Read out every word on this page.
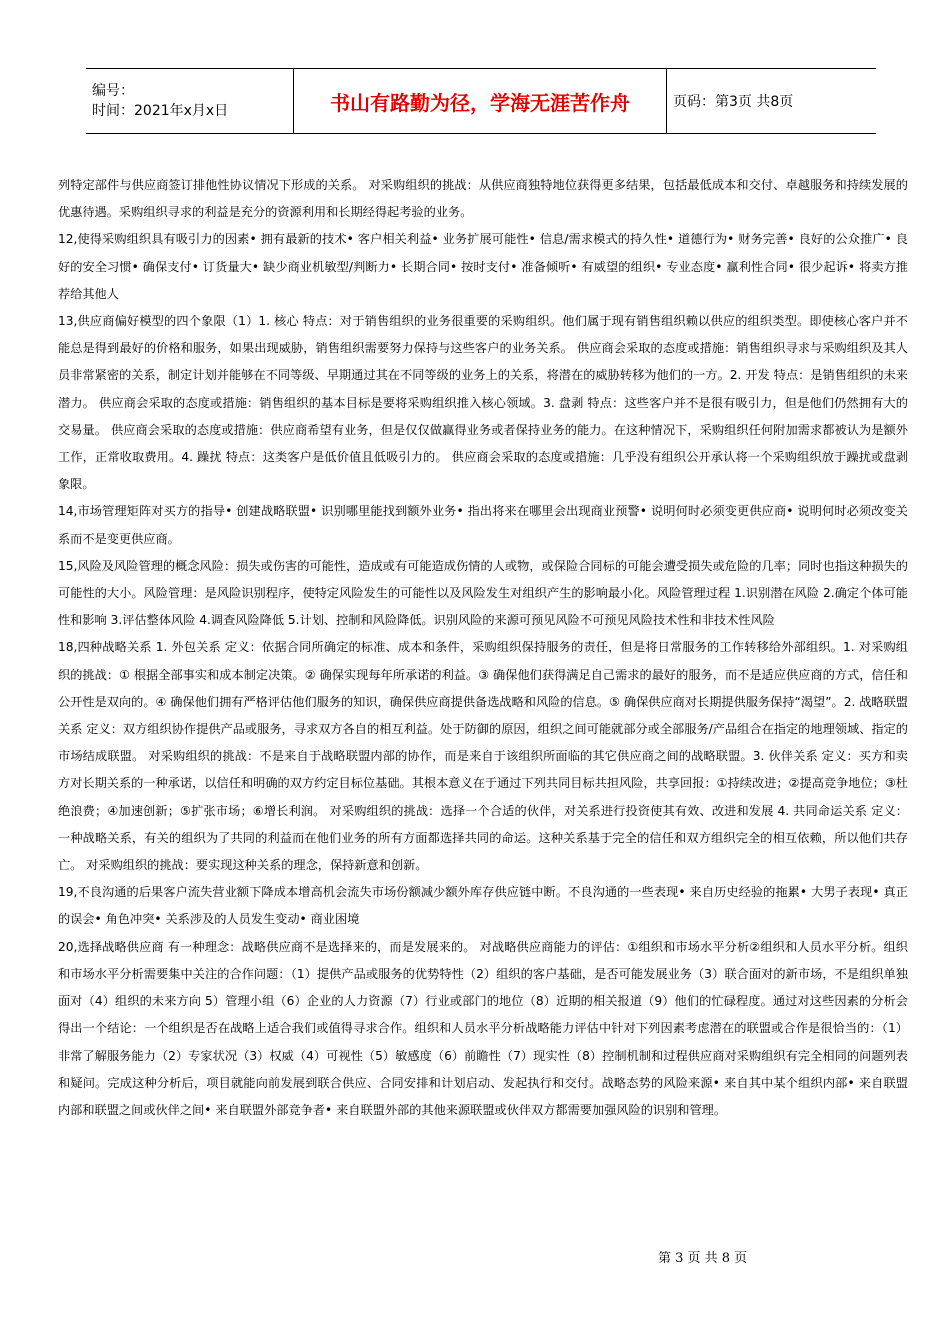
编号：
时间：2021年x月x日	书山有路勤为径，学海无涯苦作舟	页码：第3页 共8页

列特定部件与供应商签订排他性协议情况下形成的关系。 对采购组织的挑战：从供应商独特地位获得更多结果，包括最低成本和交付、卓越服务和持续发展的优惠待遇。采购组织寻求的利益是充分的资源利用和长期经得起考验的业务。

12,使得采购组织具有吸引力的因素• 拥有最新的技术• 客户相关利益• 业务扩展可能性• 信息/需求模式的持久性• 道德行为• 财务完善• 良好的公众推广• 良好的安全习惯• 确保支付• 订货量大• 缺少商业机敏型/判断力• 长期合同• 按时支付• 准备倾听• 有威望的组织• 专业态度• 赢利性合同• 很少起诉• 将卖方推荐给其他人

13,供应商偏好模型的四个象限（1）1. 核心 特点：对于销售组织的业务很重要的采购组织。他们属于现有销售组织赖以供应的组织类型。即使核心客户并不能总是得到最好的价格和服务，如果出现威胁，销售组织需要努力保持与这些客户的业务关系。 供应商会采取的态度或措施：销售组织寻求与采购组织及其人员非常紧密的关系，制定计划并能够在不同等级、早期通过其在不同等级的业务上的关系，将潜在的威胁转移为他们的一方。2. 开发 特点：是销售组织的未来潜力。 供应商会采取的态度或措施：销售组织的基本目标是要将采购组织推入核心领域。3. 盘剥 特点：这些客户并不是很有吸引力，但是他们仍然拥有大的交易量。 供应商会采取的态度或措施：供应商希望有业务，但是仅仅做赢得业务或者保持业务的能力。在这种情况下，采购组织任何附加需求都被认为是额外工作，正常收取费用。4. 躁扰 特点：这类客户是低价值且低吸引力的。 供应商会采取的态度或措施：几乎没有组织公开承认将一个采购组织放于躁扰或盘剥象限。

14,市场管理矩阵对买方的指导• 创建战略联盟• 识别哪里能找到额外业务• 指出将来在哪里会出现商业预警• 说明何时必须变更供应商• 说明何时必须改变关系而不是变更供应商。

15,风险及风险管理的概念风险：损失或伤害的可能性，造成或有可能造成伤情的人或物，或保险合同标的可能会遭受损失或危险的几率；同时也指这种损失的可能性的大小。风险管理：是风险识别程序，使特定风险发生的可能性以及风险发生对组织产生的影响最小化。风险管理过程 1.识别潜在风险 2.确定个体可能性和影响 3.评估整体风险 4.调查风险降低 5.计划、控制和风险降低。识别风险的来源可预见风险不可预见风险技术性和非技术性风险

18,四种战略关系 1. 外包关系 定义：依据合同所确定的标准、成本和条件，采购组织保持服务的责任，但是将日常服务的工作转移给外部组织。1. 对采购组织的挑战：① 根据全部事实和成本制定决策。② 确保实现每年所承诺的利益。③ 确保他们获得满足自己需求的最好的服务，而不是适应供应商的方式，信任和公开性是双向的。④ 确保他们拥有严格评估他们服务的知识，确保供应商提供备选战略和风险的信息。⑤ 确保供应商对长期提供服务保持“渴望”。2. 战略联盟关系 定义：双方组织协作提供产品或服务，寻求双方各自的相互利益。处于防御的原因，组织之间可能就部分或全部服务/产品组合在指定的地理领域、指定的市场结成联盟。 对采购组织的挑战：不是来自于战略联盟内部的协作，而是来自于该组织所面临的其它供应商之间的战略联盟。3. 伙伴关系 定义：买方和卖方对长期关系的一种承诺，以信任和明确的双方约定目标位基础。其根本意义在于通过下列共同目标共担风险，共享回报：①持续改进；②提高竞争地位；③杜绝浪费；④加速创新；⑤扩张市场；⑥增长利润。 对采购组织的挑战：选择一个合适的伙伴，对关系进行投资使其有效、改进和发展 4. 共同命运关系 定义：一种战略关系，有关的组织为了共同的利益而在他们业务的所有方面都选择共同的命运。这种关系基于完全的信任和双方组织完全的相互依赖，所以他们共存亡。 对采购组织的挑战：要实现这种关系的理念，保持新意和创新。

19,不良沟通的后果客户流失营业额下降成本增高机会流失市场份额减少额外库存供应链中断。不良沟通的一些表现• 来自历史经验的拖累• 大男子表现• 真正的误会• 角色冲突• 关系涉及的人员发生变动• 商业困境

20,选择战略供应商 有一种理念：战略供应商不是选择来的，而是发展来的。 对战略供应商能力的评估：①组织和市场水平分析②组织和人员水平分析。组织和市场水平分析需要集中关注的合作问题：（1）提供产品或服务的优势特性（2）组织的客户基础，是否可能发展业务（3）联合面对的新市场，不是组织单独面对（4）组织的未来方向 5）管理小组（6）企业的人力资源（7）行业或部门的地位（8）近期的相关报道（9）他们的忙碌程度。通过对这些因素的分析会得出一个结论：一个组织是否在战略上适合我们或值得寻求合作。组织和人员水平分析战略能力评估中针对下列因素考虑潜在的联盟或合作是很恰当的：（1）非常了解服务能力（2）专家状况（3）权威（4）可视性（5）敏感度（6）前瞻性（7）现实性（8）控制机制和过程供应商对采购组织有完全相同的问题列表和疑问。完成这种分析后，项目就能向前发展到联合供应、合同安排和计划启动、发起执行和交付。战略态势的风险来源• 来自其中某个组织内部• 来自联盟内部和联盟之间或伙伴之间• 来自联盟外部竞争者• 来自联盟外部的其他来源联盟或伙伴双方都需要加强风险的识别和管理。

第 3 页 共 8 页
